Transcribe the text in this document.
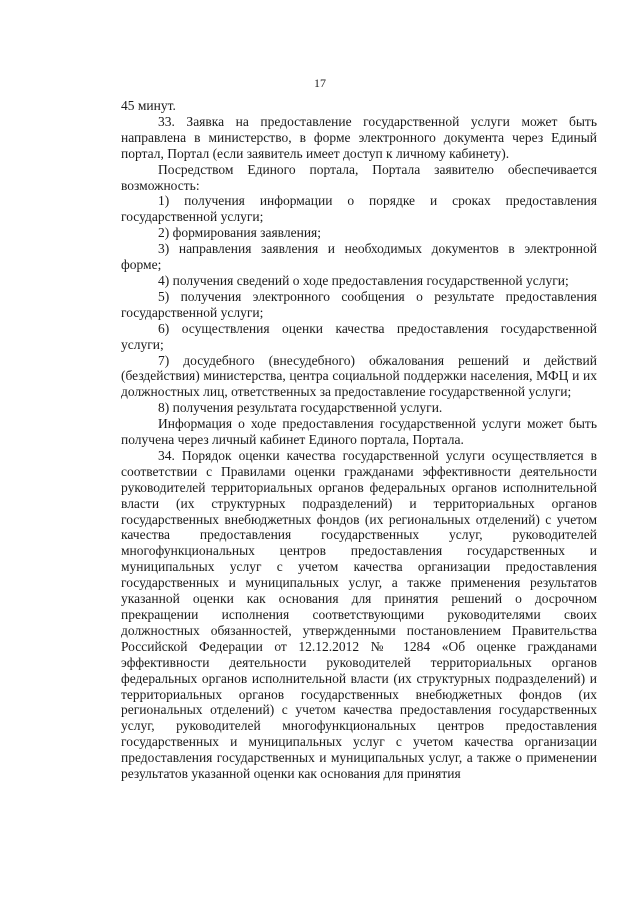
17

45 минут.

33. Заявка на предоставление государственной услуги может быть направлена в министерство, в форме электронного документа через Единый портал, Портал (если заявитель имеет доступ к личному кабинету).

Посредством Единого портала, Портала заявителю обеспечивается возможность:

1) получения информации о порядке и сроках предоставления государственной услуги;

2) формирования заявления;

3) направления заявления и необходимых документов в электронной форме;

4) получения сведений о ходе предоставления государственной услуги;

5) получения электронного сообщения о результате предоставления государственной услуги;

6) осуществления оценки качества предоставления государственной услуги;

7) досудебного (внесудебного) обжалования решений и действий (бездействия) министерства, центра социальной поддержки населения, МФЦ и их должностных лиц, ответственных за предоставление государственной услуги;

8) получения результата государственной услуги.

Информация о ходе предоставления государственной услуги может быть получена через личный кабинет Единого портала, Портала.

34. Порядок оценки качества государственной услуги осуществляется в соответствии с Правилами оценки гражданами эффективности деятельности руководителей территориальных органов федеральных органов исполнительной власти (их структурных подразделений) и территориальных органов государственных внебюджетных фондов (их региональных отделений) с учетом качества предоставления государственных услуг, руководителей многофункциональных центров предоставления государственных и муниципальных услуг с учетом качества организации предоставления государственных и муниципальных услуг, а также применения результатов указанной оценки как основания для принятия решений о досрочном прекращении исполнения соответствующими руководителями своих должностных обязанностей, утвержденными постановлением Правительства Российской Федерации от 12.12.2012 № 1284 «Об оценке гражданами эффективности деятельности руководителей территориальных органов федеральных органов исполнительной власти (их структурных подразделений) и территориальных органов государственных внебюджетных фондов (их региональных отделений) с учетом качества предоставления государственных услуг, руководителей многофункциональных центров предоставления государственных и муниципальных услуг с учетом качества организации предоставления государственных и муниципальных услуг, а также о применении результатов указанной оценки как основания для принятия
